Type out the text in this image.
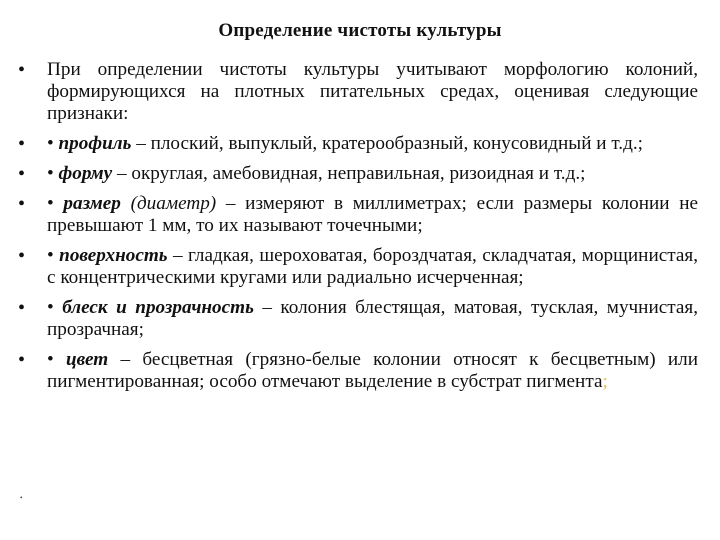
Определение чистоты культуры
•	При определении чистоты культуры учитывают морфологию колоний, формирующихся на плотных питательных средах, оценивая следующие признаки:
•	• профиль – плоский, выпуклый, кратерообразный, конусовидный и т.д.;
•	• форму – округлая, амебовидная, неправильная, ризоидная и т.д.;
•	• размер (диаметр) – измеряют в миллиметрах; если размеры колонии не превышают 1 мм, то их называют точечными;
•	• поверхность – гладкая, шероховатая, бороздчатая, складчатая, морщинистая, с концентрическими кругами или радиально исчерченная;
•	• блеск и прозрачность – колония блестящая, матовая, тусклая, мучнистая, прозрачная;
•	• цвет – бесцветная (грязно-белые колонии относят к бесцветным) или пигментированная; особо отмечают выделение в субстрат пигмента;
•
